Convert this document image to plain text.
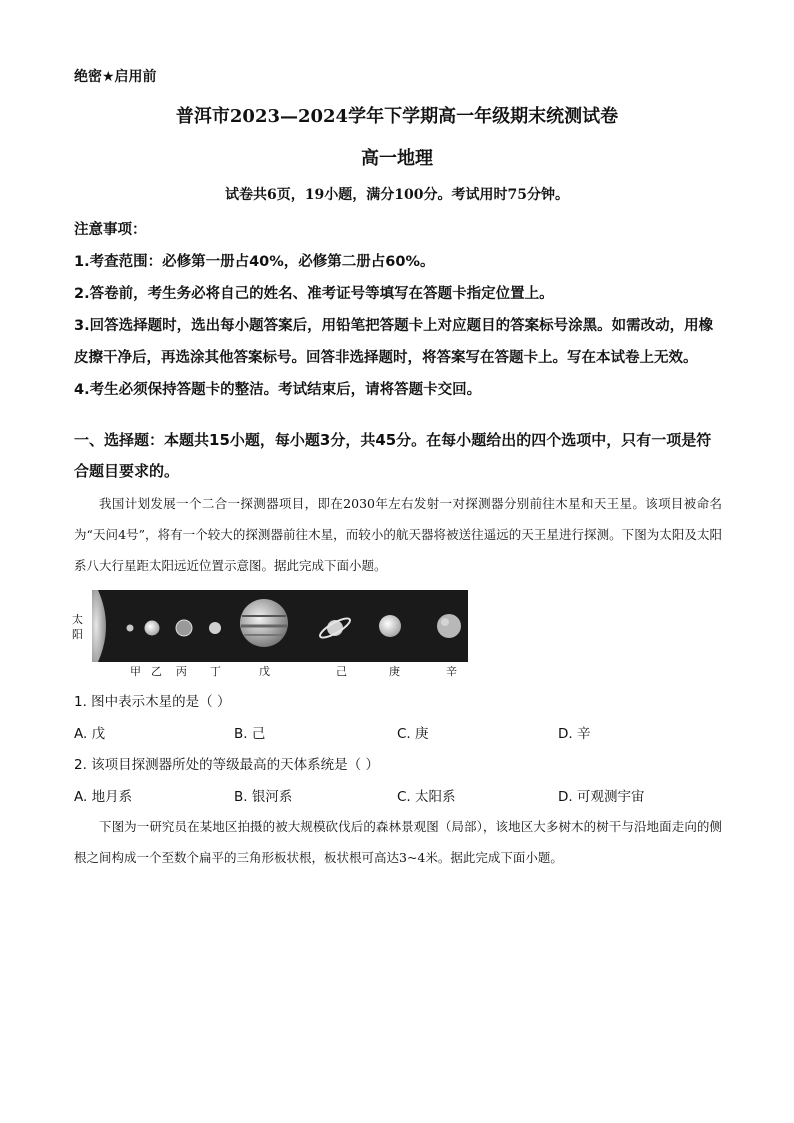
绝密★启用前
普洱市2023—2024学年下学期高一年级期末统测试卷
高一地理
试卷共6页，19小题，满分100分。考试用时75分钟。

注意事项：

1.考查范围：必修第一册占40%，必修第二册占60%。

2.答卷前，考生务必将自己的姓名、准考证号等填写在答题卡指定位置上。

3.回答选择题时，选出每小题答案后，用铅笔把答题卡上对应题目的答案标号涂黑。如需改动，用橡皮擦干净后，再选涂其他答案标号。回答非选择题时，将答案写在答题卡上。写在本试卷上无效。

4.考生必须保持答题卡的整洁。考试结束后，请将答题卡交回。

一、选择题：本题共15小题，每小题3分，共45分。在每小题给出的四个选项中，只有一项是符合题目要求的。
我国计划发展一个二合一探测器项目，即在2030年左右发射一对探测器分别前往木星和天王星。该项目被命名为“天问4号”，将有一个较大的探测器前往木星，而较小的航天器将被送往遥远的天王星进行探测。下图为太阳及太阳系八大行星距太阳远近位置示意图。据此完成下面小题。
太阳
甲 乙 丙 丁	戊	己	庚	辛
1. 图中表示木星的是（ ）
A. 戊	B. 己	C. 庚	D. 辛
2. 该项目探测器所处的等级最高的天体系统是（ ）
A. 地月系	B. 银河系	C. 太阳系	D. 可观测宇宙
下图为一研究员在某地区拍摄的被大规模砍伐后的森林景观图（局部），该地区大多树木的树干与沿地面走向的侧根之间构成一个至数个扁平的三角形板状根，板状根可高达3~4米。据此完成下面小题。
